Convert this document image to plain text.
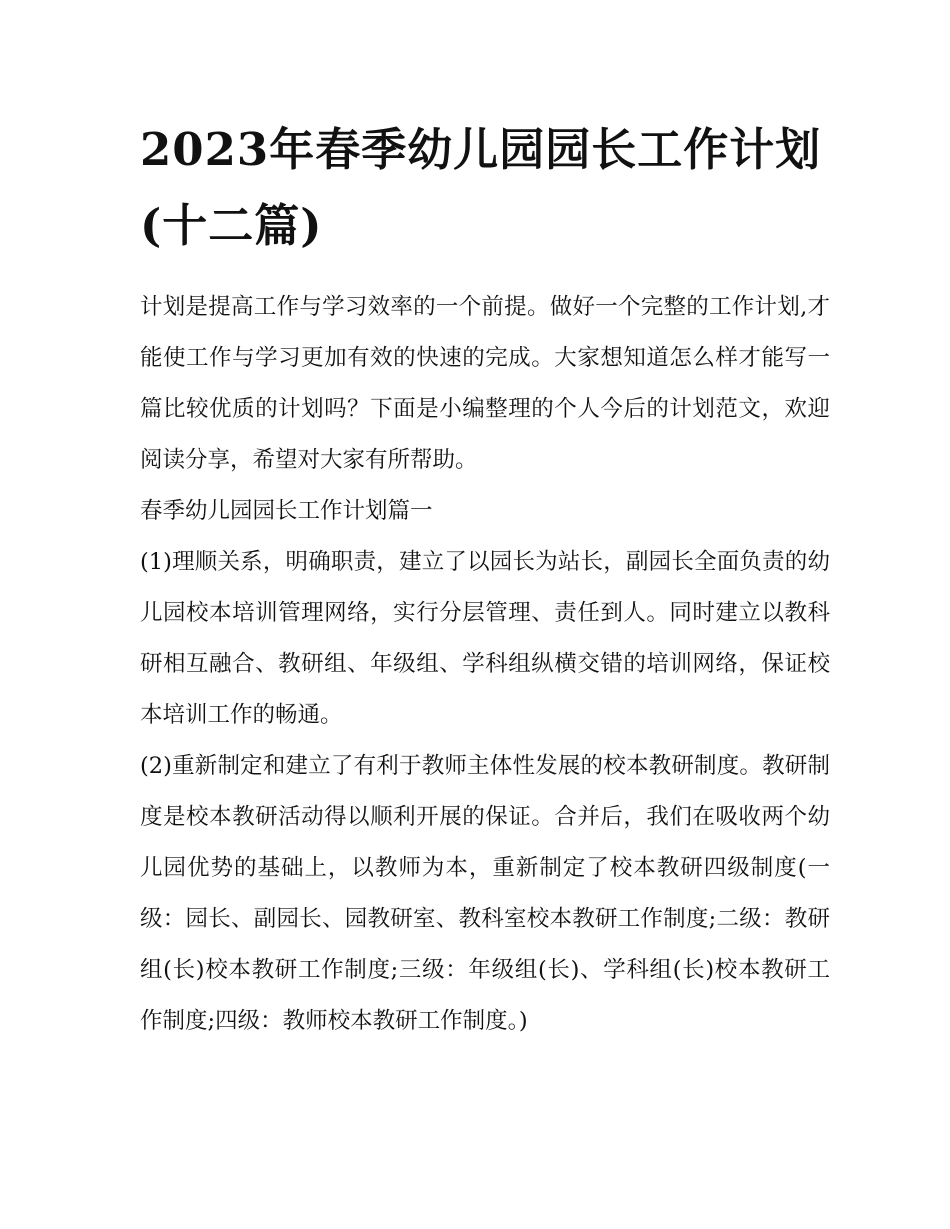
2023年春季幼儿园园长工作计划(十二篇)

计划是提高工作与学习效率的一个前提。做好一个完整的工作计划,才能使工作与学习更加有效的快速的完成。大家想知道怎么样才能写一篇比较优质的计划吗？下面是小编整理的个人今后的计划范文，欢迎阅读分享，希望对大家有所帮助。

春季幼儿园园长工作计划篇一

(1)理顺关系，明确职责，建立了以园长为站长，副园长全面负责的幼儿园校本培训管理网络，实行分层管理、责任到人。同时建立以教科研相互融合、教研组、年级组、学科组纵横交错的培训网络，保证校本培训工作的畅通。

(2)重新制定和建立了有利于教师主体性发展的校本教研制度。教研制度是校本教研活动得以顺利开展的保证。合并后，我们在吸收两个幼儿园优势的基础上，以教师为本，重新制定了校本教研四级制度(一级：园长、副园长、园教研室、教科室校本教研工作制度;二级：教研组(长)校本教研工作制度;三级：年级组(长)、学科组(长)校本教研工作制度;四级：教师校本教研工作制度。)
